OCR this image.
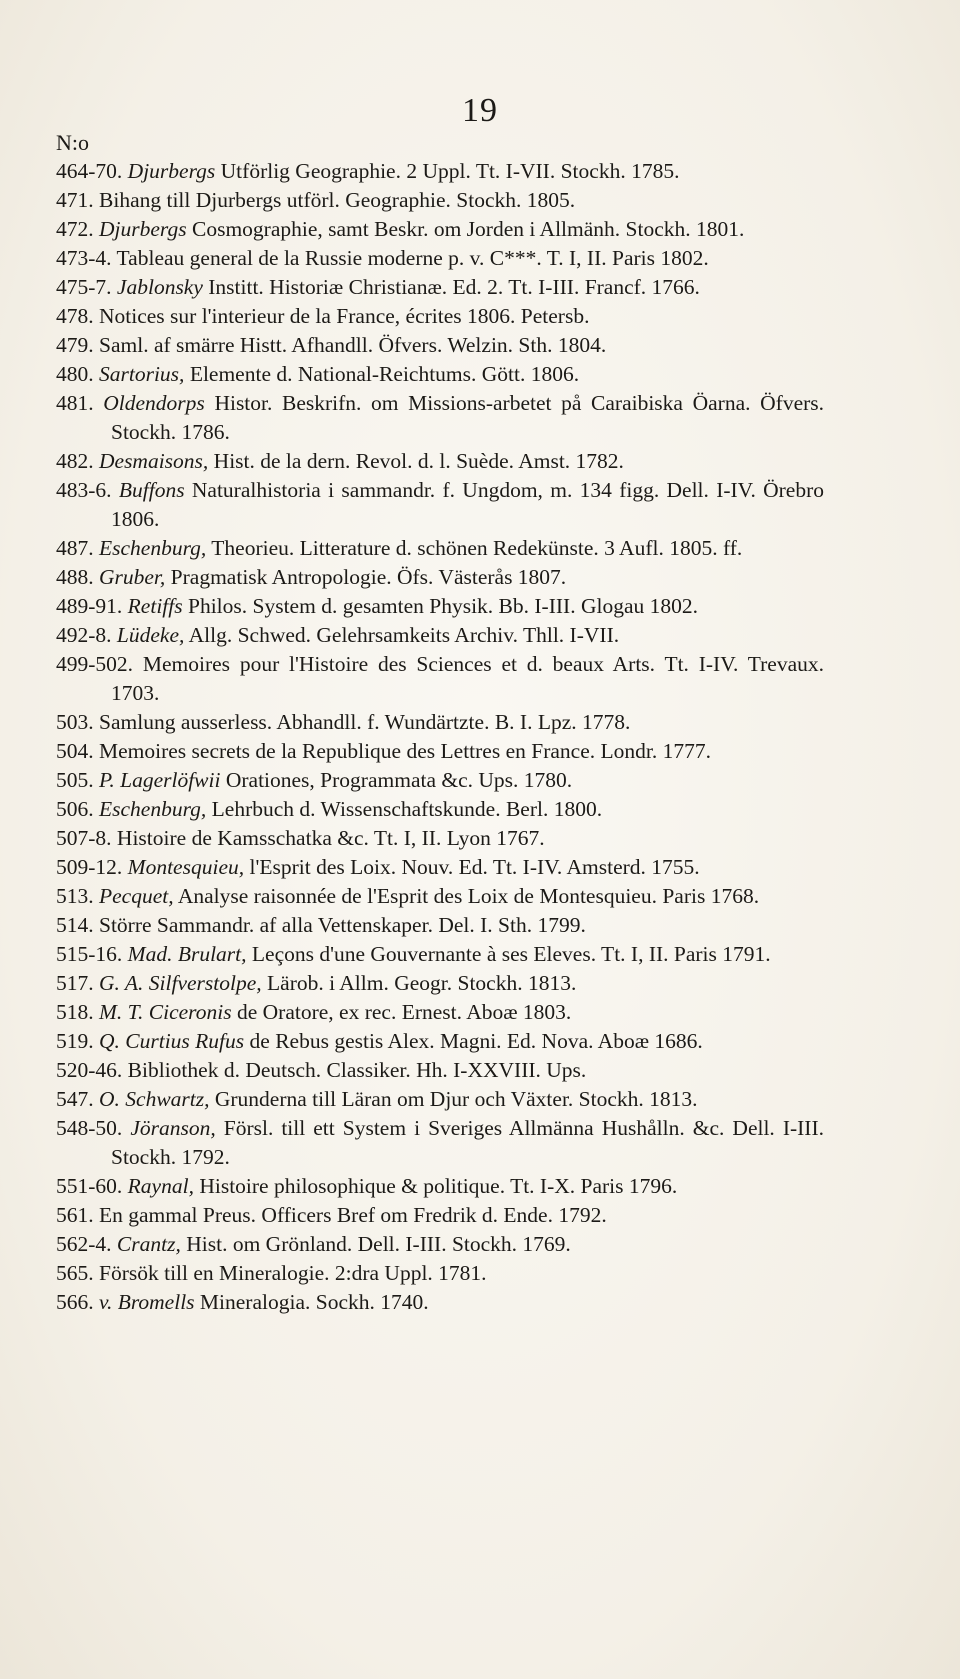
19
N:o

464-70. Djurbergs Utförlig Geographie. 2 Uppl. Tt. I-VII. Stockh. 1785.

471. Bihang till Djurbergs utförl. Geographie. Stockh. 1805.

472. Djurbergs Cosmographie, samt Beskr. om Jorden i Allmänh. Stockh. 1801.

473-4. Tableau general de la Russie moderne p. v. C***. T. I, II. Paris 1802.

475-7. Jablonsky Institt. Historiæ Christianæ. Ed. 2. Tt. I-III. Francf. 1766.

478. Notices sur l'interieur de la France, écrites 1806. Petersb.

479. Saml. af smärre Histt. Afhandll. Öfvers. Welzin. Sth. 1804.

480. Sartorius, Elemente d. National-Reichtums. Gött. 1806.

481. Oldendorps Histor. Beskrifn. om Missions-arbetet på Caraibiska Öarna. Öfvers. Stockh. 1786.

482. Desmaisons, Hist. de la dern. Revol. d. l. Suède. Amst. 1782.

483-6. Buffons Naturalhistoria i sammandr. f. Ungdom, m. 134 figg. Dell. I-IV. Örebro 1806.

487. Eschenburg, Theorieu. Litterature d. schönen Redekünste. 3 Aufl. 1805. ff.

488. Gruber, Pragmatisk Antropologie. Öfs. Västerås 1807.

489-91. Retiffs Philos. System d. gesamten Physik. Bb. I-III. Glogau 1802.

492-8. Lüdeke, Allg. Schwed. Gelehrsamkeits Archiv. Thll. I-VII.

499-502. Memoires pour l'Histoire des Sciences et d. beaux Arts. Tt. I-IV. Trevaux. 1703.

503. Samlung ausserless. Abhandll. f. Wundärtzte. B. I. Lpz. 1778.

504. Memoires secrets de la Republique des Lettres en France. Londr. 1777.

505. P. Lagerlöfwii Orationes, Programmata &c. Ups. 1780.

506. Eschenburg, Lehrbuch d. Wissenschaftskunde. Berl. 1800.

507-8. Histoire de Kamsschatka &c. Tt. I, II. Lyon 1767.

509-12. Montesquieu, l'Esprit des Loix. Nouv. Ed. Tt. I-IV. Amsterd. 1755.

513. Pecquet, Analyse raisonnée de l'Esprit des Loix de Montesquieu. Paris 1768.

514. Större Sammandr. af alla Vettenskaper. Del. I. Sth. 1799.

515-16. Mad. Brulart, Leçons d'une Gouvernante à ses Eleves. Tt. I, II. Paris 1791.

517. G. A. Silfverstolpe, Lärob. i Allm. Geogr. Stockh. 1813.

518. M. T. Ciceronis de Oratore, ex rec. Ernest. Aboæ 1803.

519. Q. Curtius Rufus de Rebus gestis Alex. Magni. Ed. Nova. Aboæ 1686.

520-46. Bibliothek d. Deutsch. Classiker. Hh. I-XXVIII. Ups.

547. O. Schwartz, Grunderna till Läran om Djur och Växter. Stockh. 1813.

548-50. Jöranson, Försl. till ett System i Sveriges Allmänna Hushålln. &c. Dell. I-III. Stockh. 1792.

551-60. Raynal, Histoire philosophique & politique. Tt. I-X. Paris 1796.

561. En gammal Preus. Officers Bref om Fredrik d. Ende. 1792.

562-4. Crantz, Hist. om Grönland. Dell. I-III. Stockh. 1769.

565. Försök till en Mineralogie. 2:dra Uppl. 1781.

566. v. Bromells Mineralogia. Sockh. 1740.
